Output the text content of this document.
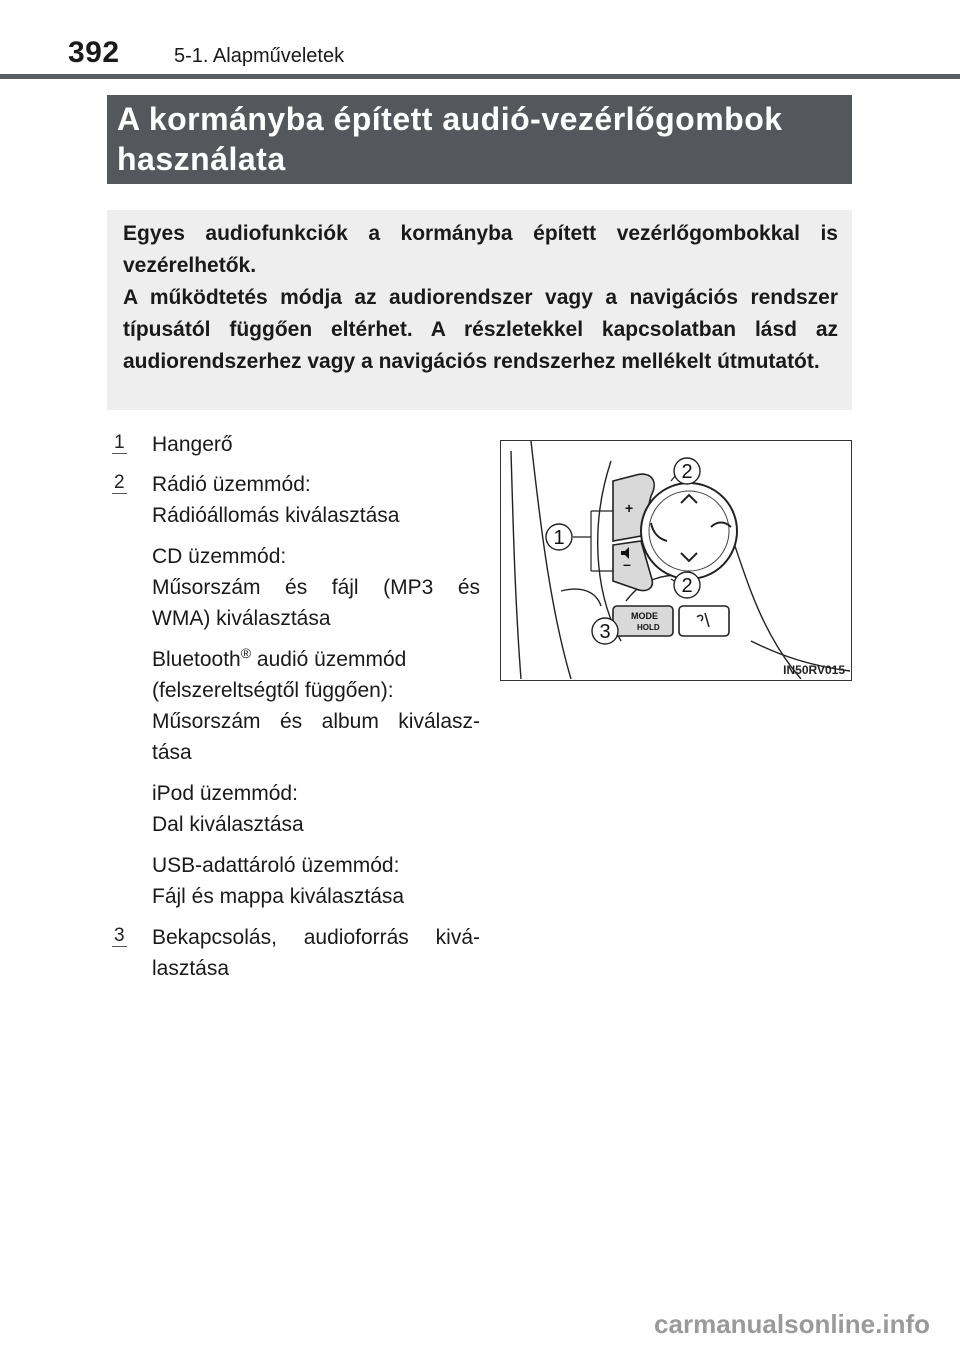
392	5-1. Alapműveletek
A kormányba épített audió-vezérlőgombok
használata

Egyes audiofunkciók a kormányba épített vezérlőgombokkal is vezérelhetők.

A működtetés módja az audiorendszer vagy a navigációs rendszer típusától függően eltérhet. A részletekkel kapcsolatban lásd az audiorendszerhez vagy a navigációs rendszerhez mellékelt útmutatót.

1 Hangerő
2 Rádió üzemmód:
Rádióállomás kiválasztása
CD üzemmód:
Műsorszám és fájl (MP3 és
WMA) kiválasztása
Bluetooth® audió üzemmód
(felszereltségtől függően):
Műsorszám és album kiválasz-
tása
iPod üzemmód:
Dal kiválasztása
USB-adattároló üzemmód:
Fájl és mappa kiválasztása
3 Bekapcsolás, audioforrás kivá-
lasztása
+
–
MODE
HOLD
1
2
2
3
IN50RV015
carmanualsonline.info
